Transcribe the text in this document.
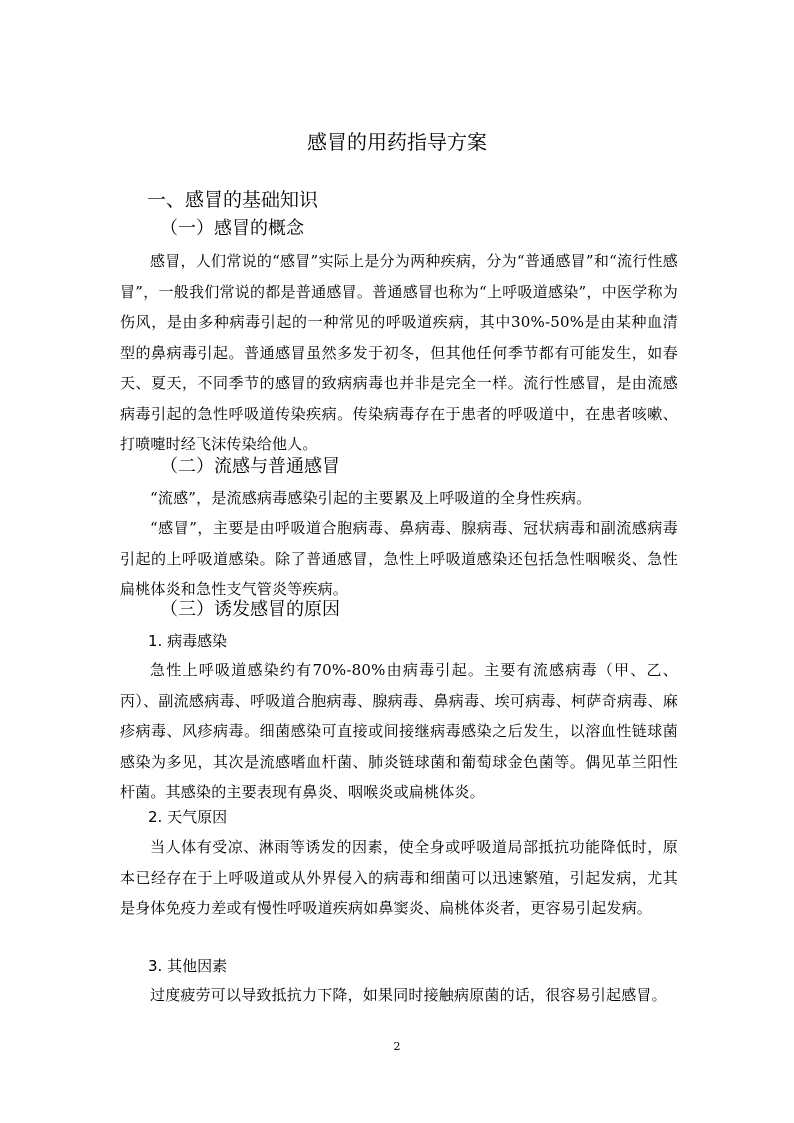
感冒的用药指导方案
一、感冒的基础知识
（一）感冒的概念

感冒，人们常说的“感冒”实际上是分为两种疾病，分为“普通感冒”和“流行性感冒”，一般我们常说的都是普通感冒。普通感冒也称为“上呼吸道感染”，中医学称为伤风，是由多种病毒引起的一种常见的呼吸道疾病，其中30%-50%是由某种血清型的鼻病毒引起。普通感冒虽然多发于初冬，但其他任何季节都有可能发生，如春天、夏天，不同季节的感冒的致病病毒也并非是完全一样。流行性感冒，是由流感病毒引起的急性呼吸道传染疾病。传染病毒存在于患者的呼吸道中，在患者咳嗽、打喷嚏时经飞沫传染给他人。

（二）流感与普通感冒

“流感”，是流感病毒感染引起的主要累及上呼吸道的全身性疾病。

“感冒”，主要是由呼吸道合胞病毒、鼻病毒、腺病毒、冠状病毒和副流感病毒引起的上呼吸道感染。除了普通感冒，急性上呼吸道感染还包括急性咽喉炎、急性扁桃体炎和急性支气管炎等疾病。

（三）诱发感冒的原因
1. 病毒感染

急性上呼吸道感染约有70%-80%由病毒引起。主要有流感病毒（甲、乙、丙）、副流感病毒、呼吸道合胞病毒、腺病毒、鼻病毒、埃可病毒、柯萨奇病毒、麻疹病毒、风疹病毒。细菌感染可直接或间接继病毒感染之后发生，以溶血性链球菌感染为多见，其次是流感嗜血杆菌、肺炎链球菌和葡萄球金色菌等。偶见革兰阳性杆菌。其感染的主要表现有鼻炎、咽喉炎或扁桃体炎。

2. 天气原因

当人体有受凉、淋雨等诱发的因素，使全身或呼吸道局部抵抗功能降低时，原本已经存在于上呼吸道或从外界侵入的病毒和细菌可以迅速繁殖，引起发病，尤其是身体免疫力差或有慢性呼吸道疾病如鼻窦炎、扁桃体炎者，更容易引起发病。

3. 其他因素

过度疲劳可以导致抵抗力下降，如果同时接触病原菌的话，很容易引起感冒。

2
